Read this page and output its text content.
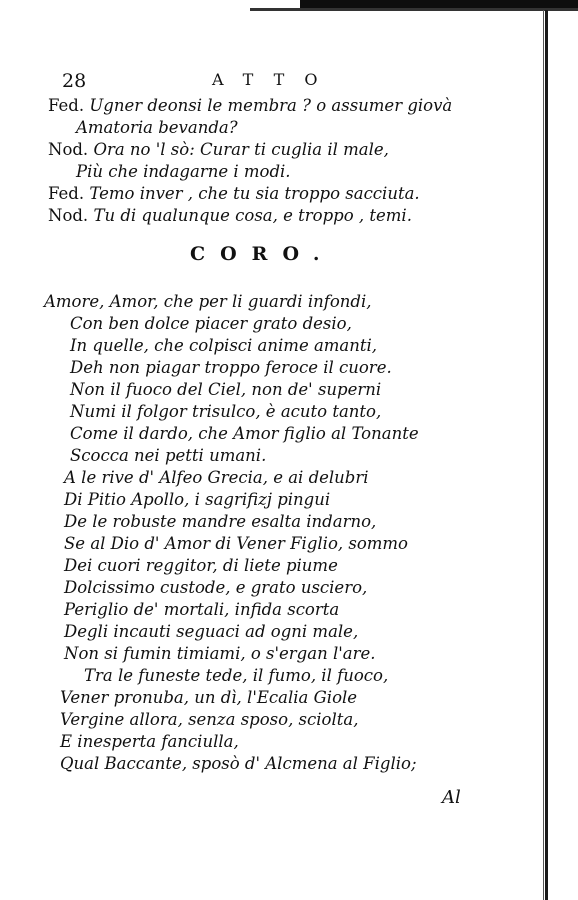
28	ATTO
Fed. Ugner deonsi le membra ? o assumer giovà
Amatoria bevanda?
Nod. Ora no 'l sò: Curar ti cuglia il male,
Più che indagarne i modi.
Fed. Temo inver , che tu sia troppo sacciuta.
Nod. Tu di qualunque cosa, e troppo , temi.
CORO.
Amore, Amor, che per li guardi infondi,
Con ben dolce piacer grato desio,
In quelle, che colpisci anime amanti,
Deh non piagar troppo feroce il cuore.
Non il fuoco del Ciel, non de' superni
Numi il folgor trisulco, è acuto tanto,
Come il dardo, che Amor figlio al Tonante
Scocca nei petti umani.
A le rive d' Alfeo Grecia, e ai delubri
Di Pitio Apollo, i sagrifizj pingui
De le robuste mandre esalta indarno,
Se al Dio d' Amor di Vener Figlio, sommo
Dei cuori reggitor, di liete piume
Dolcissimo custode, e grato usciero,
Periglio de' mortali, infida scorta
Degli incauti seguaci ad ogni male,
Non si fumin timiami, o s'ergan l'are.
Tra le funeste tede, il fumo, il fuoco,
Vener pronuba, un dì, l'Ecalia Giole
Vergine allora, senza sposo, sciolta,
E inesperta fanciulla,
Qual Baccante, sposò d' Alcmena al Figlio;
Al
